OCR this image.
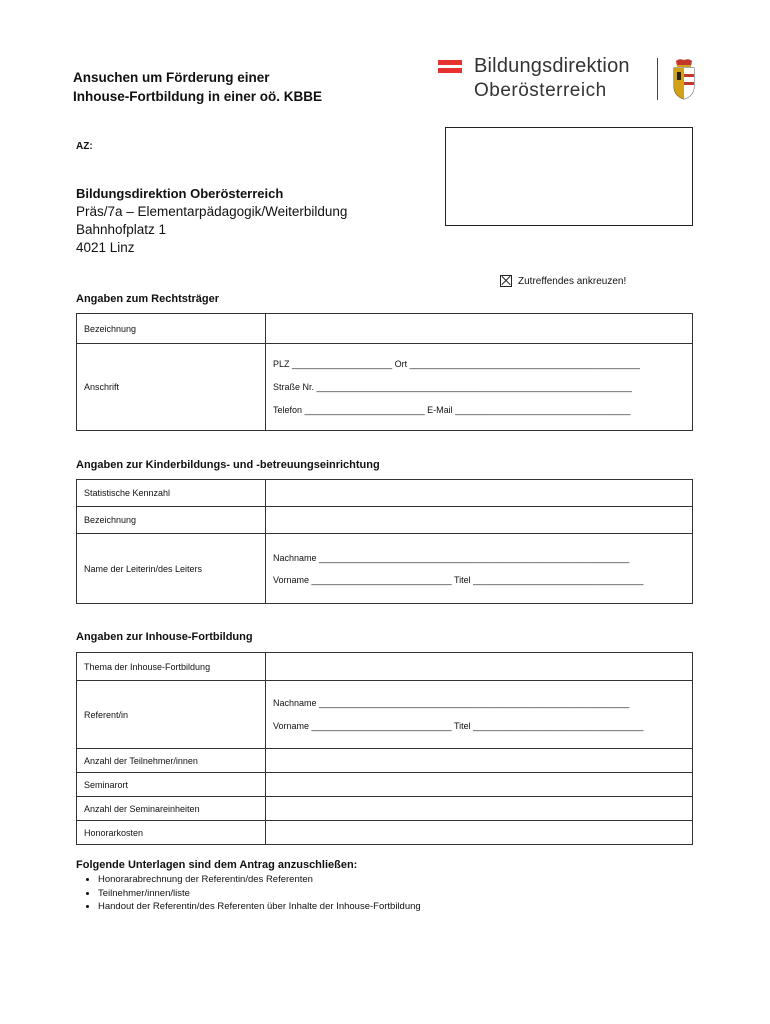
Ansuchen um Förderung einer
Inhouse-Fortbildung in einer oö. KBBE
Bildungsdirektion
Oberösterreich
AZ:
Bildungsdirektion Oberösterreich
Präs/7a – Elementarpädagogik/Weiterbildung
Bahnhofplatz 1
4021 Linz
Zutreffendes ankreuzen!
Angaben zum Rechtsträger
Bezeichnung	
Anschrift	PLZ ____________________ Ort ______________________________________________
Straße Nr. _______________________________________________________________
Telefon ________________________ E-Mail ___________________________________
Angaben zur Kinderbildungs- und -betreuungseinrichtung
Statistische Kennzahl	
Bezeichnung	
Name der Leiterin/des Leiters	Nachname ______________________________________________________________
Vorname ____________________________ Titel __________________________________
Angaben zur Inhouse-Fortbildung
Thema der Inhouse-Fortbildung	
Referent/in	Nachname ______________________________________________________________
Vorname ____________________________ Titel __________________________________

Anzahl der Teilnehmer/innen	
Seminarort	
Anzahl der Seminareinheiten	
Honorarkosten	
Folgende Unterlagen sind dem Antrag anzuschließen:
• Honorarabrechnung der Referentin/des Referenten
• Teilnehmer/innen/liste
• Handout der Referentin/des Referenten über Inhalte der Inhouse-Fortbildung
